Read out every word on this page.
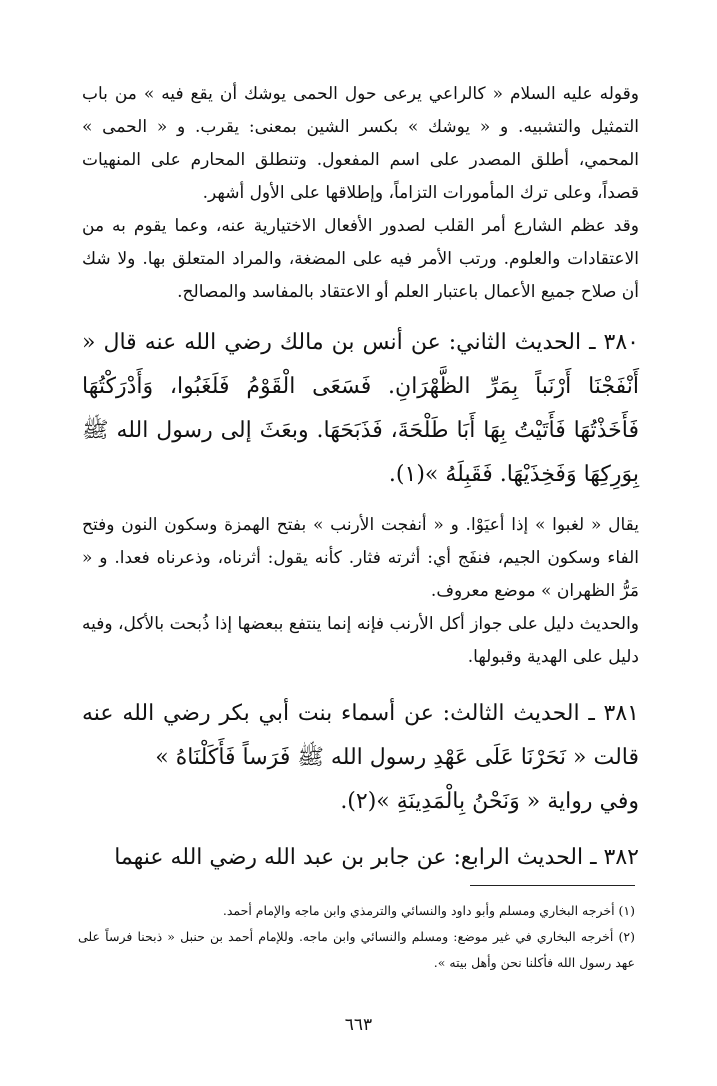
وقوله عليه السلام « كالراعي يرعى حول الحمى يوشك أن يقع فيه » من باب التمثيل والتشبيه. و « يوشك » بكسر الشين بمعنى: يقرب. و « الحمى » المحمي، أطلق المصدر على اسم المفعول. وتنطلق المحارم على المنهيات قصداً، وعلى ترك المأمورات التزاماً، وإطلاقها على الأول أشهر.

وقد عظم الشارع أمر القلب لصدور الأفعال الاختيارية عنه، وعما يقوم به من الاعتقادات والعلوم. ورتب الأمر فيه على المضغة، والمراد المتعلق بها. ولا شك أن صلاح جميع الأعمال باعتبار العلم أو الاعتقاد بالمفاسد والمصالح.

٣٨٠ ـ الحديث الثاني: عن أنس بن مالك رضي الله عنه قال « أَنْفَجْنَا أَرْنَباً بِمَرِّ الظَّهْرَانِ. فَسَعَى الْقَوْمُ فَلَغَبُوا، وَأَدْرَكْتُهَا فَأَخَذْتُهَا فَأَتَيْتُ بِهَا أَبَا طَلْحَةَ، فَذَبَحَهَا. وبعَثَ إلى رسول الله ﷺ بِوَرِكِهَا وَفَخِذَيْهَا. فَقَبِلَهُ »(١).

يقال « لغبوا » إذا أعيَوْا. و « أنفجت الأرنب » بفتح الهمزة وسكون النون وفتح الفاء وسكون الجيم، فنفَج أي: أثرته فثار. كأنه يقول: أثرناه، وذعرناه فعدا. و « مَرُّ الظهران » موضع معروف.

والحديث دليل على جواز أكل الأرنب فإنه إنما ينتفع ببعضها إذا ذُبحت بالأكل، وفيه دليل على الهدية وقبولها.

٣٨١ ـ الحديث الثالث: عن أسماء بنت أبي بكر رضي الله عنه قالت « نَحَرْنَا عَلَى عَهْدِ رسول الله ﷺ فَرَساً فَأَكَلْنَاهُ »

وفي رواية « وَنَحْنُ بِالْمَدِينَةِ »(٢).

٣٨٢ ـ الحديث الرابع: عن جابر بن عبد الله رضي الله عنهما

(١) أخرجه البخاري ومسلم وأبو داود والنسائي والترمذي وابن ماجه والإمام أحمد.

(٢) أخرجه البخاري في غير موضع: ومسلم والنسائي وابن ماجه. وللإمام أحمد بن حنبل « ذبحنا فرساً على عهد رسول الله فأكلنا نحن وأهل بيته ».

٦٦٣
